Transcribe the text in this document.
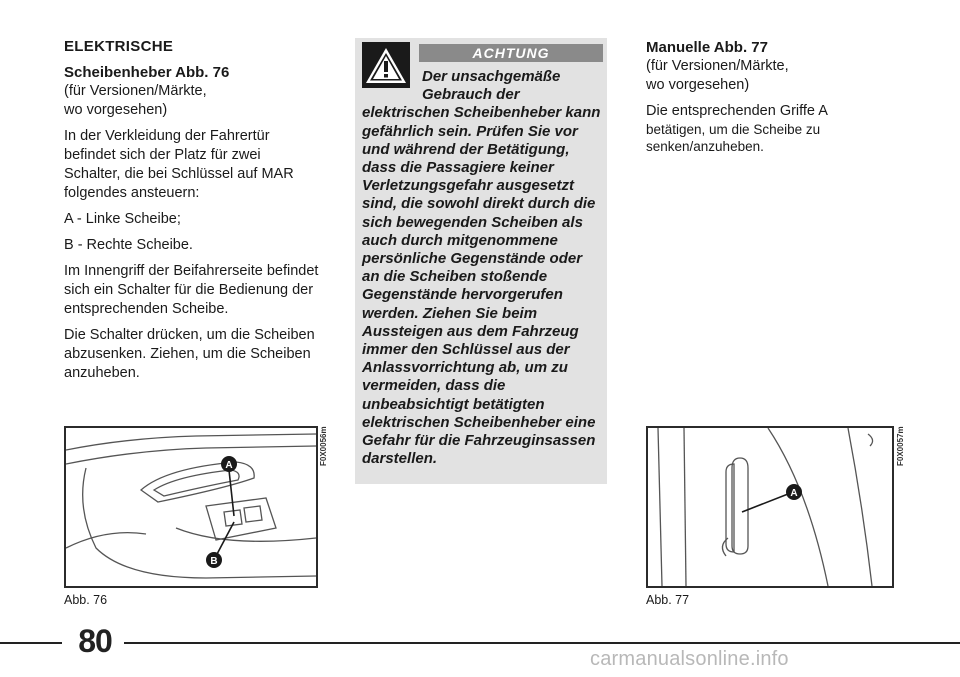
ELEKTRISCHE

Scheibenheber Abb. 76

(für Versionen/Märkte,

wo vorgesehen)

In der Verkleidung der Fahrertür befindet sich der Platz für zwei Schalter, die bei Schlüssel auf MAR folgendes ansteuern:

A - Linke Scheibe;

B - Rechte Scheibe.

Im Innengriff der Beifahrerseite befindet sich ein Schalter für die Bedienung der entsprechenden Scheibe.

Die Schalter drücken, um die Scheiben abzusenken. Ziehen, um die Scheiben anzuheben.

ACHTUNG
Der unsachgemäße
Gebrauch der
elektrischen Scheibenheber kann gefährlich sein. Prüfen Sie vor und während der Betätigung, dass die Passagiere keiner Verletzungsgefahr ausgesetzt sind, die sowohl direkt durch die sich bewegenden Scheiben als auch durch mitgenommene persönliche Gegenstände oder an die Scheiben stoßende Gegenstände hervorgerufen werden. Ziehen Sie beim Aussteigen aus dem Fahrzeug immer den Schlüssel aus der Anlassvorrichtung ab, um zu vermeiden, dass die unbeabsichtigt betätigten elektrischen Scheibenheber eine Gefahr für die Fahrzeuginsassen darstellen.

Manuelle Abb. 77

(für Versionen/Märkte,

wo vorgesehen)

Die entsprechenden Griffe A

betätigen, um die Scheibe zu senken/anzuheben.

A
B
F0X0056m
Abb. 76
A
F0X0057m
Abb. 77
80	carmanualsonline.info
